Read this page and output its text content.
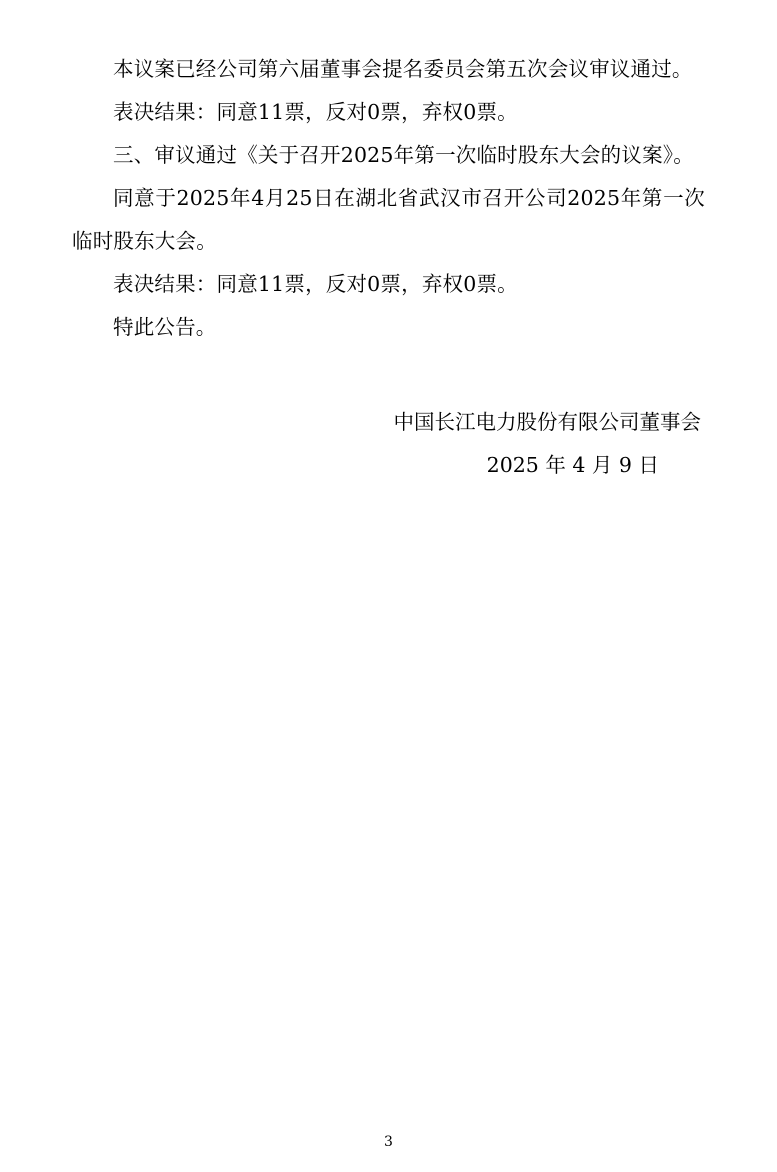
本议案已经公司第六届董事会提名委员会第五次会议审议通过。

表决结果：同意11票，反对0票，弃权0票。

三、审议通过《关于召开2025年第一次临时股东大会的议案》。

同意于2025年4月25日在湖北省武汉市召开公司2025年第一次临时股东大会。

表决结果：同意11票，反对0票，弃权0票。

特此公告。

中国长江电力股份有限公司董事会
2025 年 4 月 9 日
3
